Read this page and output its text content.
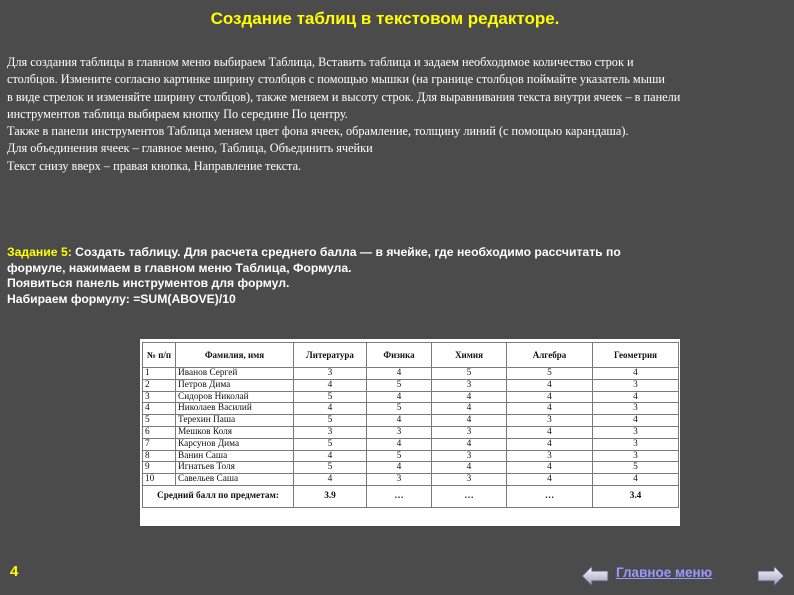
Создание таблиц в текстовом редакторе.
Для создания таблицы в главном меню выбираем Таблица, Вставить таблица и задаем необходимое количество строк и
столбцов. Измените согласно картинке ширину столбцов с помощью мышки (на границе столбцов поймайте указатель мыши
в виде стрелок и изменяйте ширину столбцов), также меняем и высоту строк. Для выравнивания текста внутри ячеек – в панели
инструментов таблица выбираем кнопку По середине По центру.
Также в панели инструментов Таблица меняем цвет фона ячеек, обрамление, толщину линий (с помощью карандаша).
Для объединения ячеек – главное меню, Таблица, Объединить ячейки
Текст снизу вверх – правая кнопка, Направление текста.
Задание 5: Создать таблицу. Для расчета среднего балла — в ячейке, где необходимо рассчитать по
формуле, нажимаем в главном меню Таблица, Формула.
Появиться панель инструментов для формул.
Набираем формулу: =SUM(ABOVE)/10
№ п/п	Фамилия, имя	Литература	Физика	Химия	Алгебра	Геометрия
1	Иванов Сергей	3	4	5	5	4
2	Петров Дима	4	5	3	4	3
3	Сидоров Николай	5	4	4	4	4
4	Николаев Василий	4	5	4	4	3
5	Терехин Паша	5	4	4	3	4
6	Мешков Коля	3	3	3	4	3
7	Карсунов Дима	5	4	4	4	3
8	Ванин Саша	4	5	3	3	3
9	Игнатьев Толя	5	4	4	4	5
10	Савельев Саша	4	3	3	4	4
Средний балл по предметам:		3.9	…	…	…	3.4
4	Главное меню
